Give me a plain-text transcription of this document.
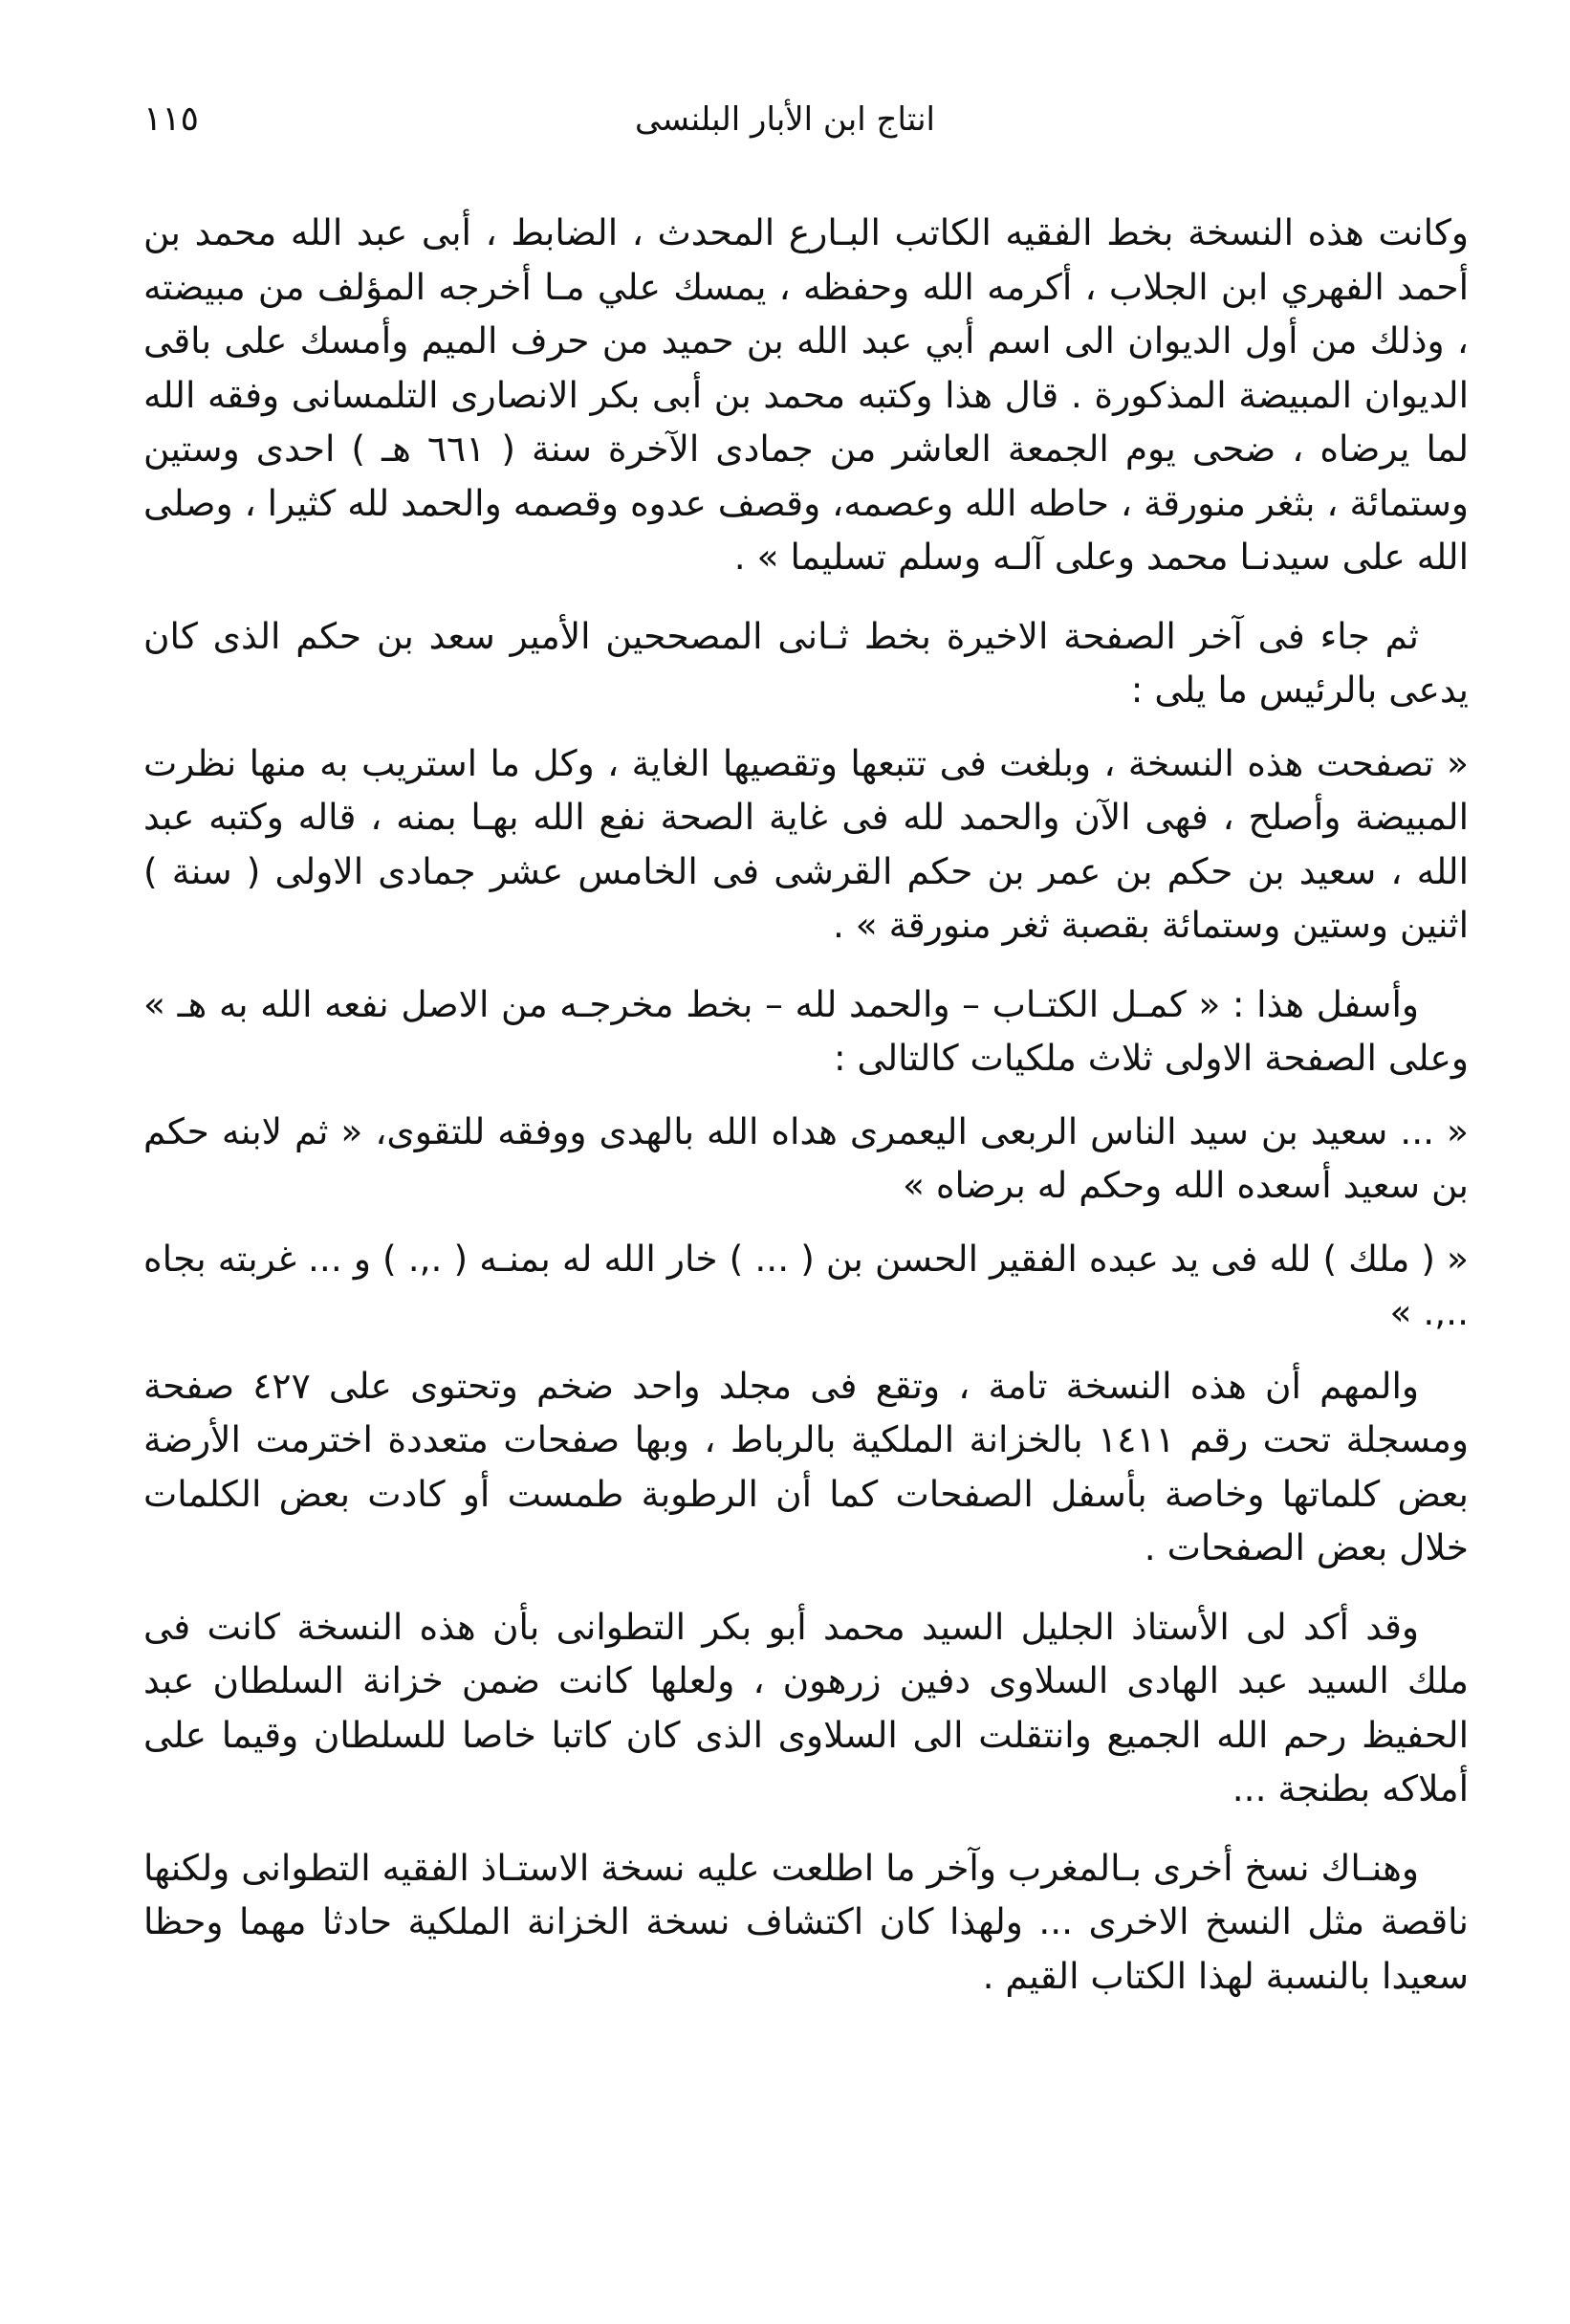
انتاج ابن الأبار البلنسى
١١٥

وكانت هذه النسخة بخط الفقيه الكاتب البـارع المحدث ، الضابط ، أبى عبد الله محمد بن أحمد الفهري ابن الجلاب ، أكرمه الله وحفظه ، يمسك علي مـا أخرجه المؤلف من مبيضته ، وذلك من أول الديوان الى اسم أبي عبد الله بن حميد من حرف الميم وأمسك على باقى الديوان المبيضة المذكورة . قال هذا وكتبه محمد بن أبى بكر الانصارى التلمسانى وفقه الله لما يرضاه ، ضحى يوم الجمعة العاشر من جمادى الآخرة سنة ( ٦٦١ هـ ) احدى وستين وستمائة ، بثغر منورقة ، حاطه الله وعصمه، وقصف عدوه وقصمه والحمد لله كثيرا ، وصلى الله على سيدنـا محمد وعلى آلـه وسلم تسليما » .

ثم جاء فى آخر الصفحة الاخيرة بخط ثـانى المصححين الأمير سعد بن حكم الذى كان يدعى بالرئيس ما يلى :

« تصفحت هذه النسخة ، وبلغت فى تتبعها وتقصيها الغاية ، وكل ما استريب به منها نظرت المبيضة وأصلح ، فهى الآن والحمد لله فى غاية الصحة نفع الله بهـا بمنه ، قاله وكتبه عبد الله ، سعيد بن حكم بن عمر بن حكم القرشى فى الخامس عشر جمادى الاولى ( سنة ) اثنين وستين وستمائة بقصبة ثغر منورقة » .

وأسفل هذا : « كمـل الكتـاب – والحمد لله – بخط مخرجـه من الاصل نفعه الله به هـ » وعلى الصفحة الاولى ثلاث ملكيات كالتالى :

« ... سعيد بن سيد الناس الربعى اليعمرى هداه الله بالهدى ووفقه للتقوى، « ثم لابنه حكم بن سعيد أسعده الله وحكم له برضاه »

« ( ملك ) لله فى يد عبده الفقير الحسن بن ( ... ) خار الله له بمنـه ( .,. ) و ... غربته بجاه ..,. »

والمهم أن هذه النسخة تامة ، وتقع فى مجلد واحد ضخم وتحتوى على ٤٢٧ صفحة ومسجلة تحت رقم ١٤١١ بالخزانة الملكية بالرباط ، وبها صفحات متعددة اخترمت الأرضة بعض كلماتها وخاصة بأسفل الصفحات كما أن الرطوبة طمست أو كادت بعض الكلمات خلال بعض الصفحات .

وقد أكد لى الأستاذ الجليل السيد محمد أبو بكر التطوانى بأن هذه النسخة كانت فى ملك السيد عبد الهادى السلاوى دفين زرهون ، ولعلها كانت ضمن خزانة السلطان عبد الحفيظ رحم الله الجميع وانتقلت الى السلاوى الذى كان كاتبا خاصا للسلطان وقيما على أملاكه بطنجة ...

وهنـاك نسخ أخرى بـالمغرب وآخر ما اطلعت عليه نسخة الاستـاذ الفقيه التطوانى ولكنها ناقصة مثل النسخ الاخرى ... ولهذا كان اكتشاف نسخة الخزانة الملكية حادثا مهما وحظا سعيدا بالنسبة لهذا الكتاب القيم .
